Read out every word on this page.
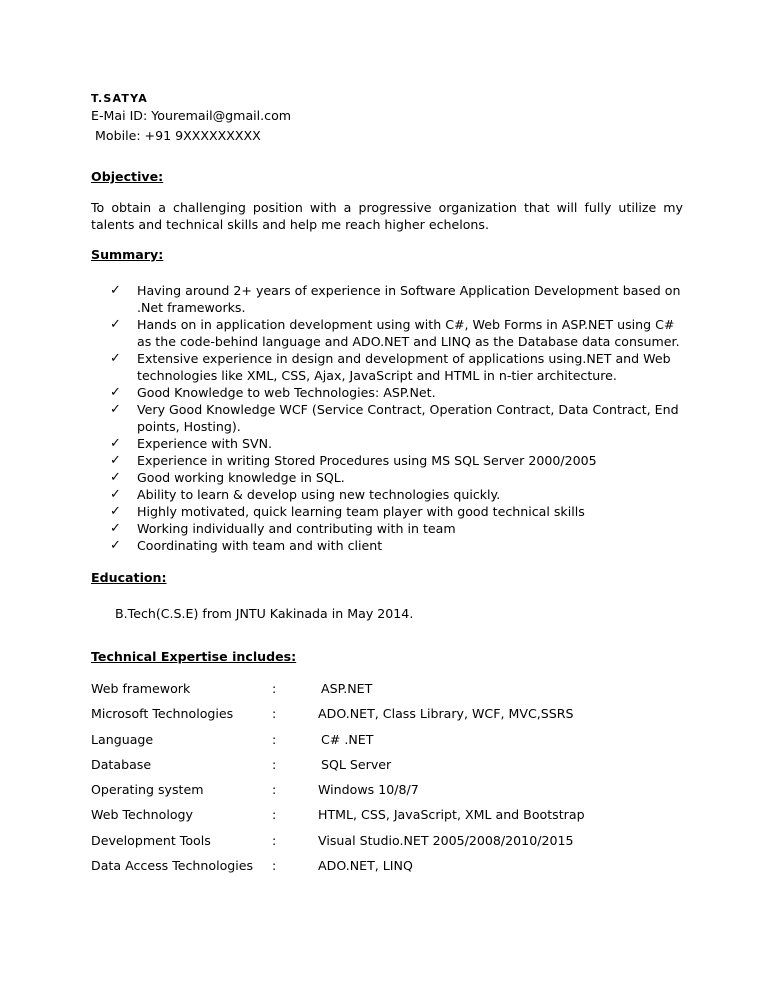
T.SATYA
E-Mai ID: Youremail@gmail.com
Mobile: +91 9XXXXXXXXX
Objective:
To obtain a challenging position with a progressive organization that will fully utilize my talents and technical skills and help me reach higher echelons.
Summary:
✓ Having around 2+ years of experience in Software Application Development based on .Net frameworks.
✓ Hands on in application development using with C#, Web Forms in ASP.NET using C# as the code-behind language and ADO.NET and LINQ as the Database data consumer.
✓ Extensive experience in design and development of applications using.NET and Web technologies like XML, CSS, Ajax, JavaScript and HTML in n-tier architecture.
✓ Good Knowledge to web Technologies: ASP.Net.
✓ Very Good Knowledge WCF (Service Contract, Operation Contract, Data Contract, End points, Hosting).
✓ Experience with SVN.
✓ Experience in writing Stored Procedures using MS SQL Server 2000/2005
✓ Good working knowledge in SQL.
✓ Ability to learn & develop using new technologies quickly.
✓ Highly motivated, quick learning team player with good technical skills
✓ Working individually and contributing with in team
✓ Coordinating with team and with client
Education:
B.Tech(C.S.E) from JNTU Kakinada in May 2014.
Technical Expertise includes:
Web framework	:	ASP.NET
Microsoft Technologies	:	ADO.NET, Class Library, WCF, MVC,SSRS
Language	:	C# .NET
Database	:	SQL Server
Operating system	:	Windows 10/8/7
Web Technology	:	HTML, CSS, JavaScript, XML and Bootstrap
Development Tools	:	Visual Studio.NET 2005/2008/2010/2015
Data Access Technologies :	ADO.NET, LINQ
